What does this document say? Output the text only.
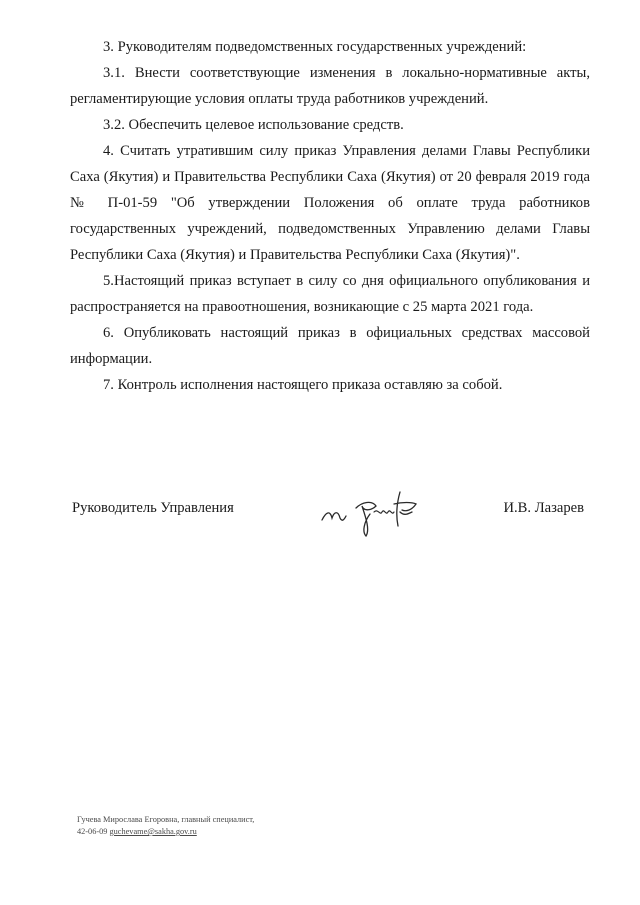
3. Руководителям подведомственных государственных учреждений:

3.1. Внести соответствующие изменения в локально-нормативные акты, регламентирующие условия оплаты труда работников учреждений.

3.2. Обеспечить целевое использование средств.

4. Считать утратившим силу приказ Управления делами Главы Республики Саха (Якутия) и Правительства Республики Саха (Якутия) от 20 февраля 2019 года № П-01-59 "Об утверждении Положения об оплате труда работников государственных учреждений, подведомственных Управлению делами Главы Республики Саха (Якутия) и Правительства Республики Саха (Якутия)".

5.Настоящий приказ вступает в силу со дня официального опубликования и распространяется на правоотношения, возникающие с 25 марта 2021 года.

6. Опубликовать настоящий приказ в официальных средствах массовой информации.

7. Контроль исполнения настоящего приказа оставляю за собой.

Руководитель Управления	И.В. Лазарев
Гучева Мирослава Егоровна, главный специалист,
42-06-09 guchevame@sakha.gov.ru
